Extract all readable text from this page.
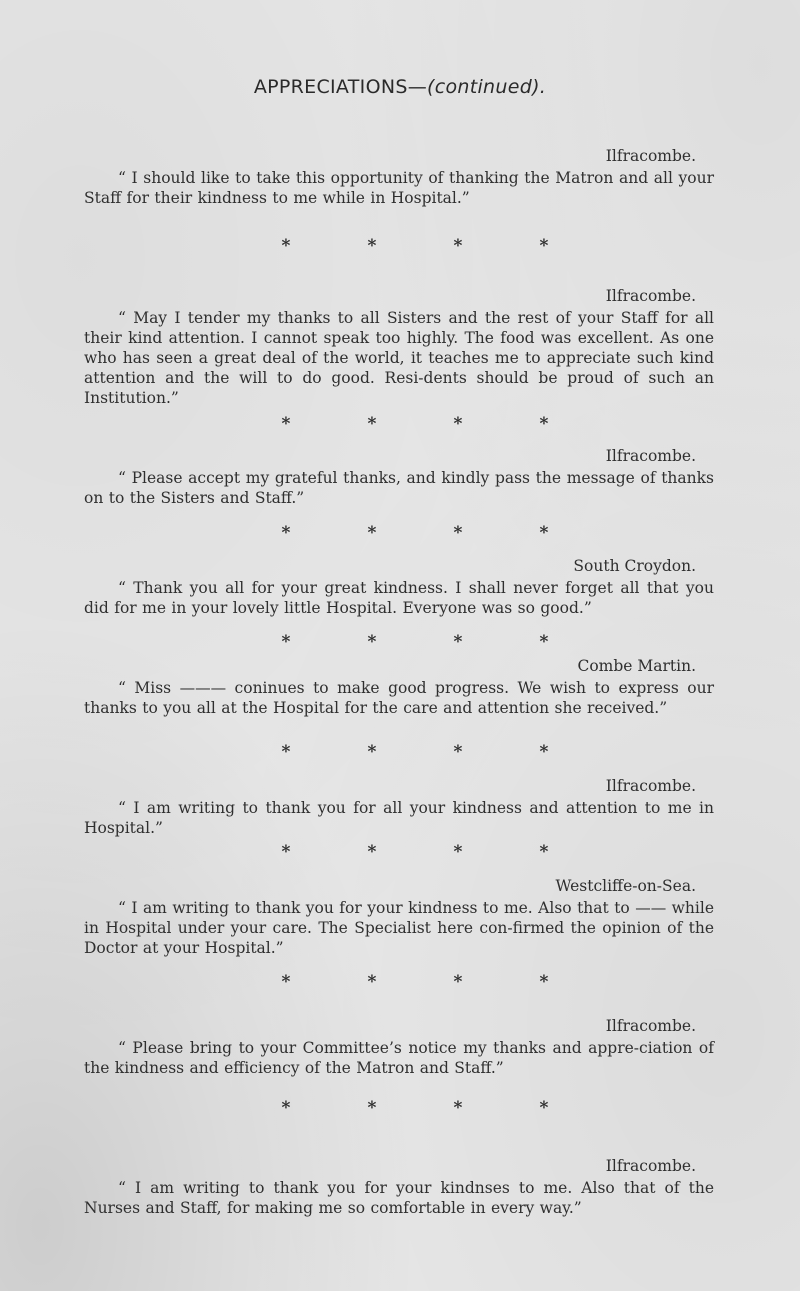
APPRECIATIONS—(continued).
Ilfracombe.
“ I should like to take this opportunity of thanking the Matron and all your Staff for their kindness to me while in Hospital.”
*	*	*	*
Ilfracombe.
“ May I tender my thanks to all Sisters and the rest of your Staff for all their kind attention. I cannot speak too highly. The food was excellent. As one who has seen a great deal of the world, it teaches me to appreciate such kind attention and the will to do good. Resi-dents should be proud of such an Institution.”
*	*	*	*
Ilfracombe.
“ Please accept my grateful thanks, and kindly pass the message of thanks on to the Sisters and Staff.”
*	*	*	*
South Croydon.
“ Thank you all for your great kindness. I shall never forget all that you did for me in your lovely little Hospital. Everyone was so good.”
*	*	*	*
Combe Martin.
“ Miss ——— coninues to make good progress. We wish to express our thanks to you all at the Hospital for the care and attention she received.”
*	*	*	*
Ilfracombe.
“ I am writing to thank you for all your kindness and attention to me in Hospital.”
*	*	*	*
Westcliffe-on-Sea.
“ I am writing to thank you for your kindness to me. Also that to —— while in Hospital under your care. The Specialist here con-firmed the opinion of the Doctor at your Hospital.”
*	*	*	*
Ilfracombe.
“ Please bring to your Committee’s notice my thanks and appre-ciation of the kindness and efficiency of the Matron and Staff.”
*	*	*	*
Ilfracombe.
“ I am writing to thank you for your kindnses to me. Also that of the Nurses and Staff, for making me so comfortable in every way.”
